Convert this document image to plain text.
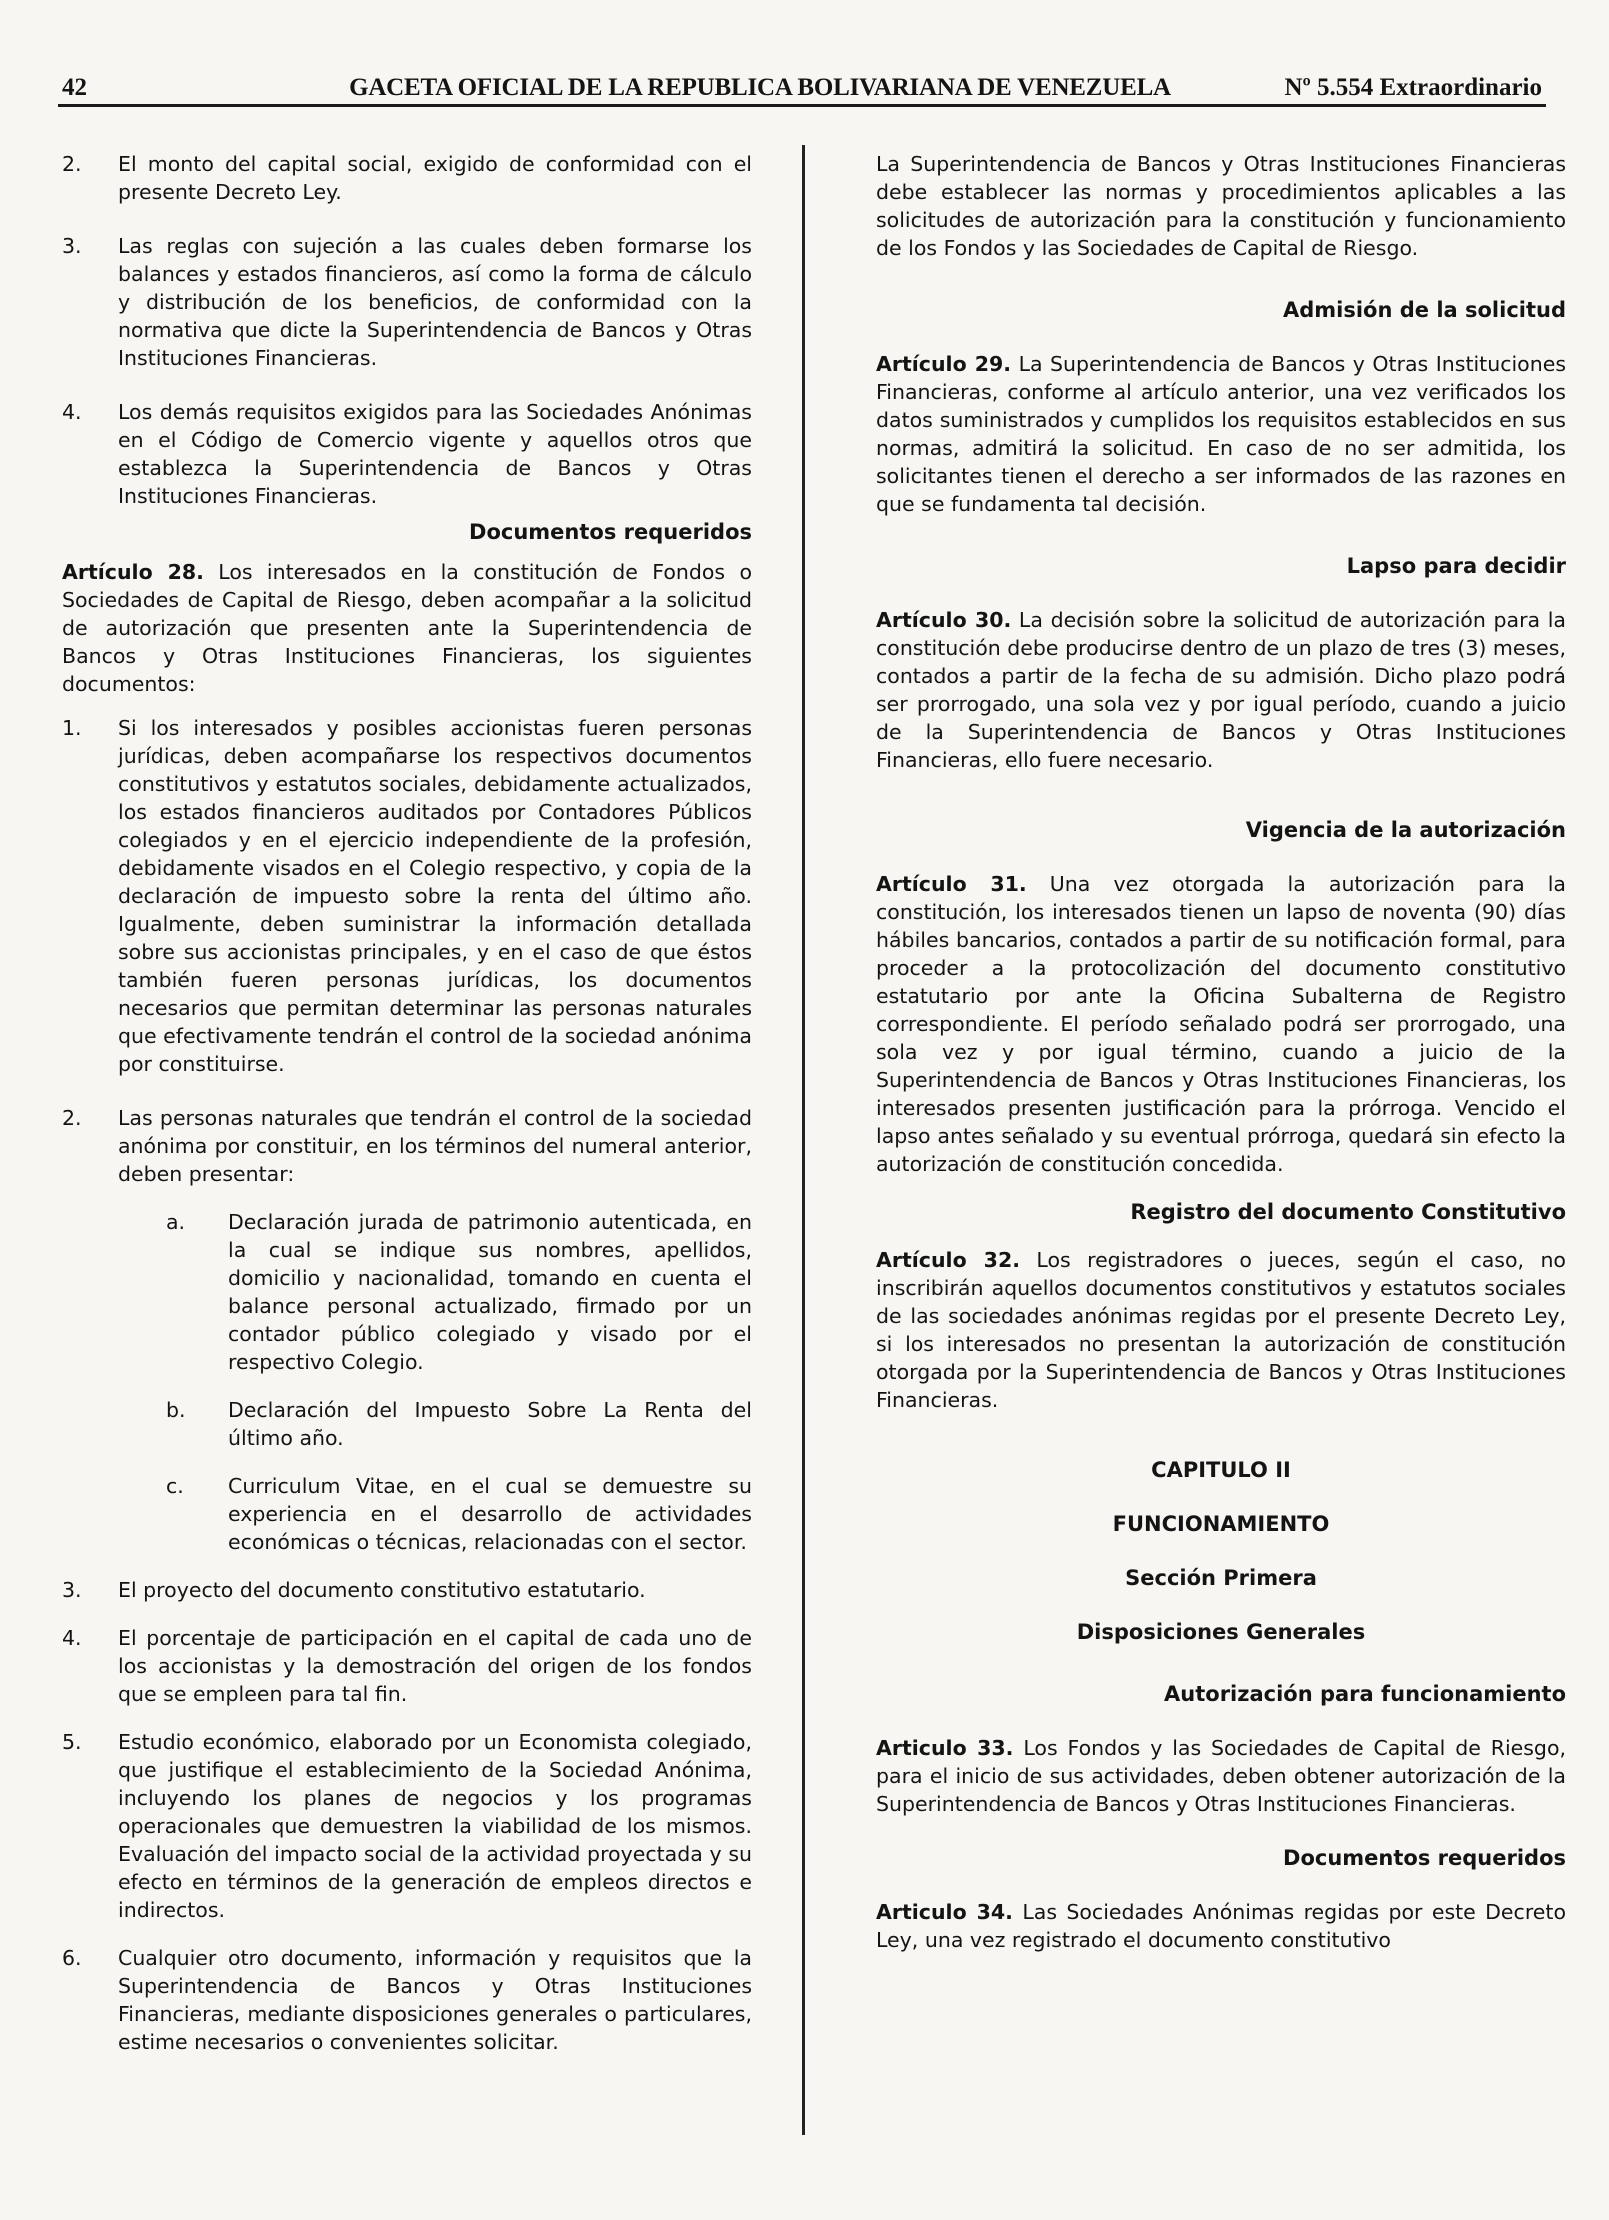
42	GACETA OFICIAL DE LA REPUBLICA BOLIVARIANA DE VENEZUELA	Nº 5.554 Extraordinario
2. El monto del capital social, exigido de conformidad con el presente Decreto Ley.
3. Las reglas con sujeción a las cuales deben formarse los balances y estados financieros, así como la forma de cálculo y distribución de los beneficios, de conformidad con la normativa que dicte la Superintendencia de Bancos y Otras Instituciones Financieras.
4. Los demás requisitos exigidos para las Sociedades Anónimas en el Código de Comercio vigente y aquellos otros que establezca la Superintendencia de Bancos y Otras Instituciones Financieras.

Documentos requeridos

Artículo 28. Los interesados en la constitución de Fondos o Sociedades de Capital de Riesgo, deben acompañar a la solicitud de autorización que presenten ante la Superintendencia de Bancos y Otras Instituciones Financieras, los siguientes documentos:

1. Si los interesados y posibles accionistas fueren personas jurídicas, deben acompañarse los respectivos documentos constitutivos y estatutos sociales, debidamente actualizados, los estados financieros auditados por Contadores Públicos colegiados y en el ejercicio independiente de la profesión, debidamente visados en el Colegio respectivo, y copia de la declaración de impuesto sobre la renta del último año. Igualmente, deben suministrar la información detallada sobre sus accionistas principales, y en el caso de que éstos también fueren personas jurídicas, los documentos necesarios que permitan determinar las personas naturales que efectivamente tendrán el control de la sociedad anónima por constituirse.
2. Las personas naturales que tendrán el control de la sociedad anónima por constituir, en los términos del numeral anterior, deben presentar:
a. Declaración jurada de patrimonio autenticada, en la cual se indique sus nombres, apellidos, domicilio y nacionalidad, tomando en cuenta el balance personal actualizado, firmado por un contador público colegiado y visado por el respectivo Colegio.
b. Declaración del Impuesto Sobre La Renta del último año.
c. Curriculum Vitae, en el cual se demuestre su experiencia en el desarrollo de actividades económicas o técnicas, relacionadas con el sector.
3. El proyecto del documento constitutivo estatutario.
4. El porcentaje de participación en el capital de cada uno de los accionistas y la demostración del origen de los fondos que se empleen para tal fin.
5. Estudio económico, elaborado por un Economista colegiado, que justifique el establecimiento de la Sociedad Anónima, incluyendo los planes de negocios y los programas operacionales que demuestren la viabilidad de los mismos. Evaluación del impacto social de la actividad proyectada y su efecto en términos de la generación de empleos directos e indirectos.
6. Cualquier otro documento, información y requisitos que la Superintendencia de Bancos y Otras Instituciones Financieras, mediante disposiciones generales o particulares, estime necesarios o convenientes solicitar.

La Superintendencia de Bancos y Otras Instituciones Financieras debe establecer las normas y procedimientos aplicables a las solicitudes de autorización para la constitución y funcionamiento de los Fondos y las Sociedades de Capital de Riesgo.

Admisión de la solicitud

Artículo 29. La Superintendencia de Bancos y Otras Instituciones Financieras, conforme al artículo anterior, una vez verificados los datos suministrados y cumplidos los requisitos establecidos en sus normas, admitirá la solicitud. En caso de no ser admitida, los solicitantes tienen el derecho a ser informados de las razones en que se fundamenta tal decisión.

Lapso para decidir

Artículo 30. La decisión sobre la solicitud de autorización para la constitución debe producirse dentro de un plazo de tres (3) meses, contados a partir de la fecha de su admisión. Dicho plazo podrá ser prorrogado, una sola vez y por igual período, cuando a juicio de la Superintendencia de Bancos y Otras Instituciones Financieras, ello fuere necesario.

Vigencia de la autorización

Artículo 31. Una vez otorgada la autorización para la constitución, los interesados tienen un lapso de noventa (90) días hábiles bancarios, contados a partir de su notificación formal, para proceder a la protocolización del documento constitutivo estatutario por ante la Oficina Subalterna de Registro correspondiente. El período señalado podrá ser prorrogado, una sola vez y por igual término, cuando a juicio de la Superintendencia de Bancos y Otras Instituciones Financieras, los interesados presenten justificación para la prórroga. Vencido el lapso antes señalado y su eventual prórroga, quedará sin efecto la autorización de constitución concedida.

Registro del documento Constitutivo

Artículo 32. Los registradores o jueces, según el caso, no inscribirán aquellos documentos constitutivos y estatutos sociales de las sociedades anónimas regidas por el presente Decreto Ley, si los interesados no presentan la autorización de constitución otorgada por la Superintendencia de Bancos y Otras Instituciones Financieras.

CAPITULO II

FUNCIONAMIENTO

Sección Primera

Disposiciones Generales

Autorización para funcionamiento

Articulo 33. Los Fondos y las Sociedades de Capital de Riesgo, para el inicio de sus actividades, deben obtener autorización de la Superintendencia de Bancos y Otras Instituciones Financieras.

Documentos requeridos

Articulo 34. Las Sociedades Anónimas regidas por este Decreto Ley, una vez registrado el documento constitutivo
